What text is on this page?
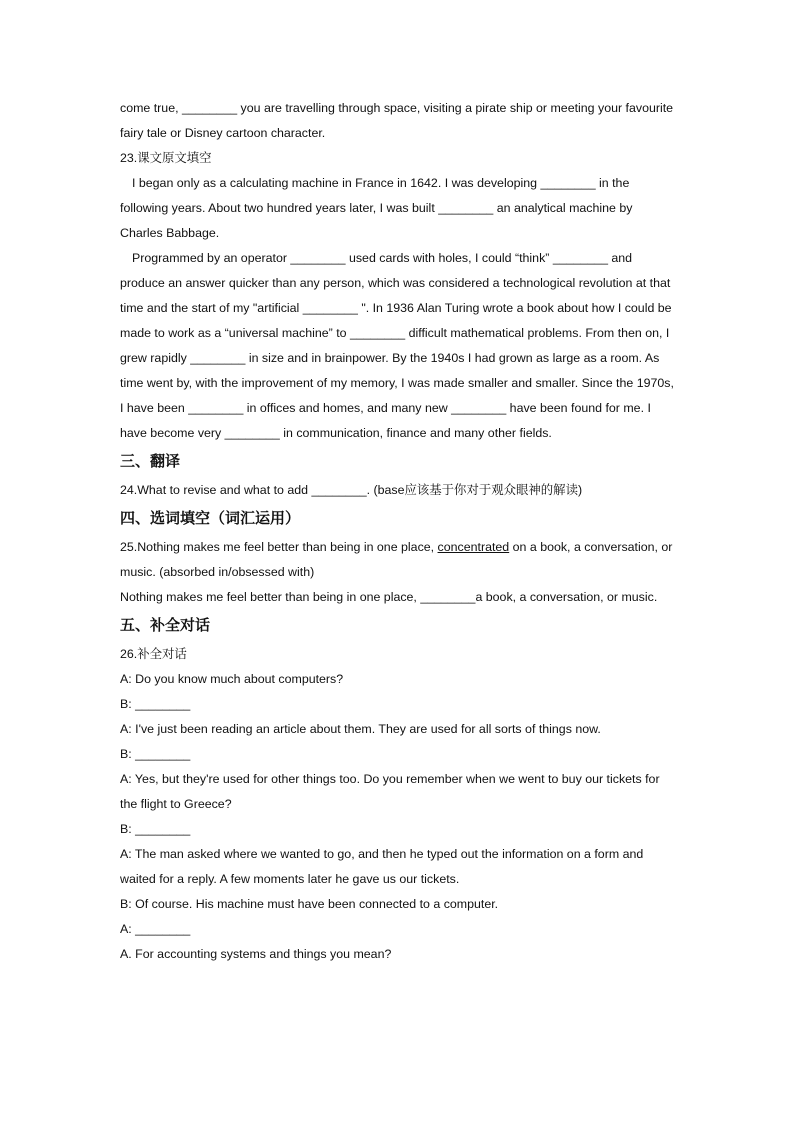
come true, ________ you are travelling through space, visiting a pirate ship or meeting your favourite fairy tale or Disney cartoon character.

23.课文原文填空

I began only as a calculating machine in France in 1642. I was developing ________ in the following years. About two hundred years later, I was built ________ an analytical machine by Charles Babbage.

Programmed by an operator ________ used cards with holes, I could “think” ________ and produce an answer quicker than any person, which was considered a technological revolution at that time and the start of my "artificial ________ ". In 1936 Alan Turing wrote a book about how I could be made to work as a “universal machine” to ________ difficult mathematical problems. From then on, I grew rapidly ________ in size and in brainpower. By the 1940s I had grown as large as a room. As time went by, with the improvement of my memory, I was made smaller and smaller. Since the 1970s, I have been ________ in offices and homes, and many new ________ have been found for me. I have become very ________ in communication, finance and many other fields.

三、翻译

24.What to revise and what to add ________. (base应该基于你对于观众眼神的解读)

四、选词填空（词汇运用）

25.Nothing makes me feel better than being in one place, concentrated on a book, a conversation, or music. (absorbed in/obsessed with)

Nothing makes me feel better than being in one place, ________a book, a conversation, or music.

五、补全对话

26.补全对话

A: Do you know much about computers?

B: ________

A: I've just been reading an article about them. They are used for all sorts of things now.

B: ________

A: Yes, but they're used for other things too. Do you remember when we went to buy our tickets for the flight to Greece?

B: ________

A: The man asked where we wanted to go, and then he typed out the information on a form and waited for a reply. A few moments later he gave us our tickets.

B: Of course. His machine must have been connected to a computer.

A: ________

A. For accounting systems and things you mean?
